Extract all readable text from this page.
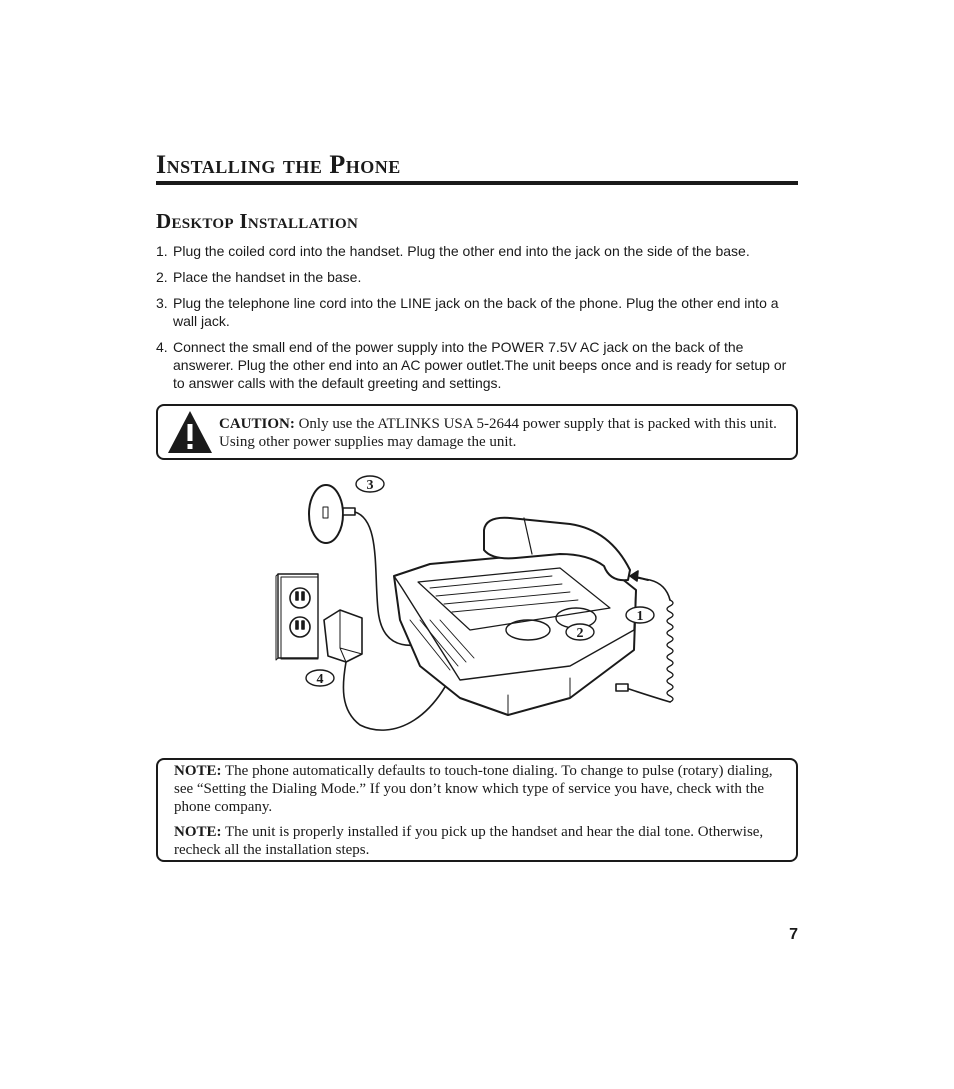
Installing the Phone
Desktop Installation
1. Plug the coiled cord into the handset. Plug the other end into the jack on the side of the base.
2. Place the handset in the base.
3. Plug the telephone line cord into the LINE jack on the back of the phone. Plug the other end into a wall jack.
4. Connect the small end of the power supply into the POWER 7.5V AC jack on the back of the answerer. Plug the other end into an AC power outlet.The unit beeps once and is ready for setup or to answer calls with the default greeting and settings.
CAUTION: Only use the ATLINKS USA 5-2644 power supply that is packed with this unit. Using other power supplies may damage the unit.
3
1
2
4

NOTE: The phone automatically defaults to touch-tone dialing. To change to pulse (rotary) dialing, see “Setting the Dialing Mode.” If you don’t know which type of service you have, check with the phone company.

NOTE: The unit is properly installed if you pick up the handset and hear the dial tone. Otherwise, recheck all the installation steps.

7
